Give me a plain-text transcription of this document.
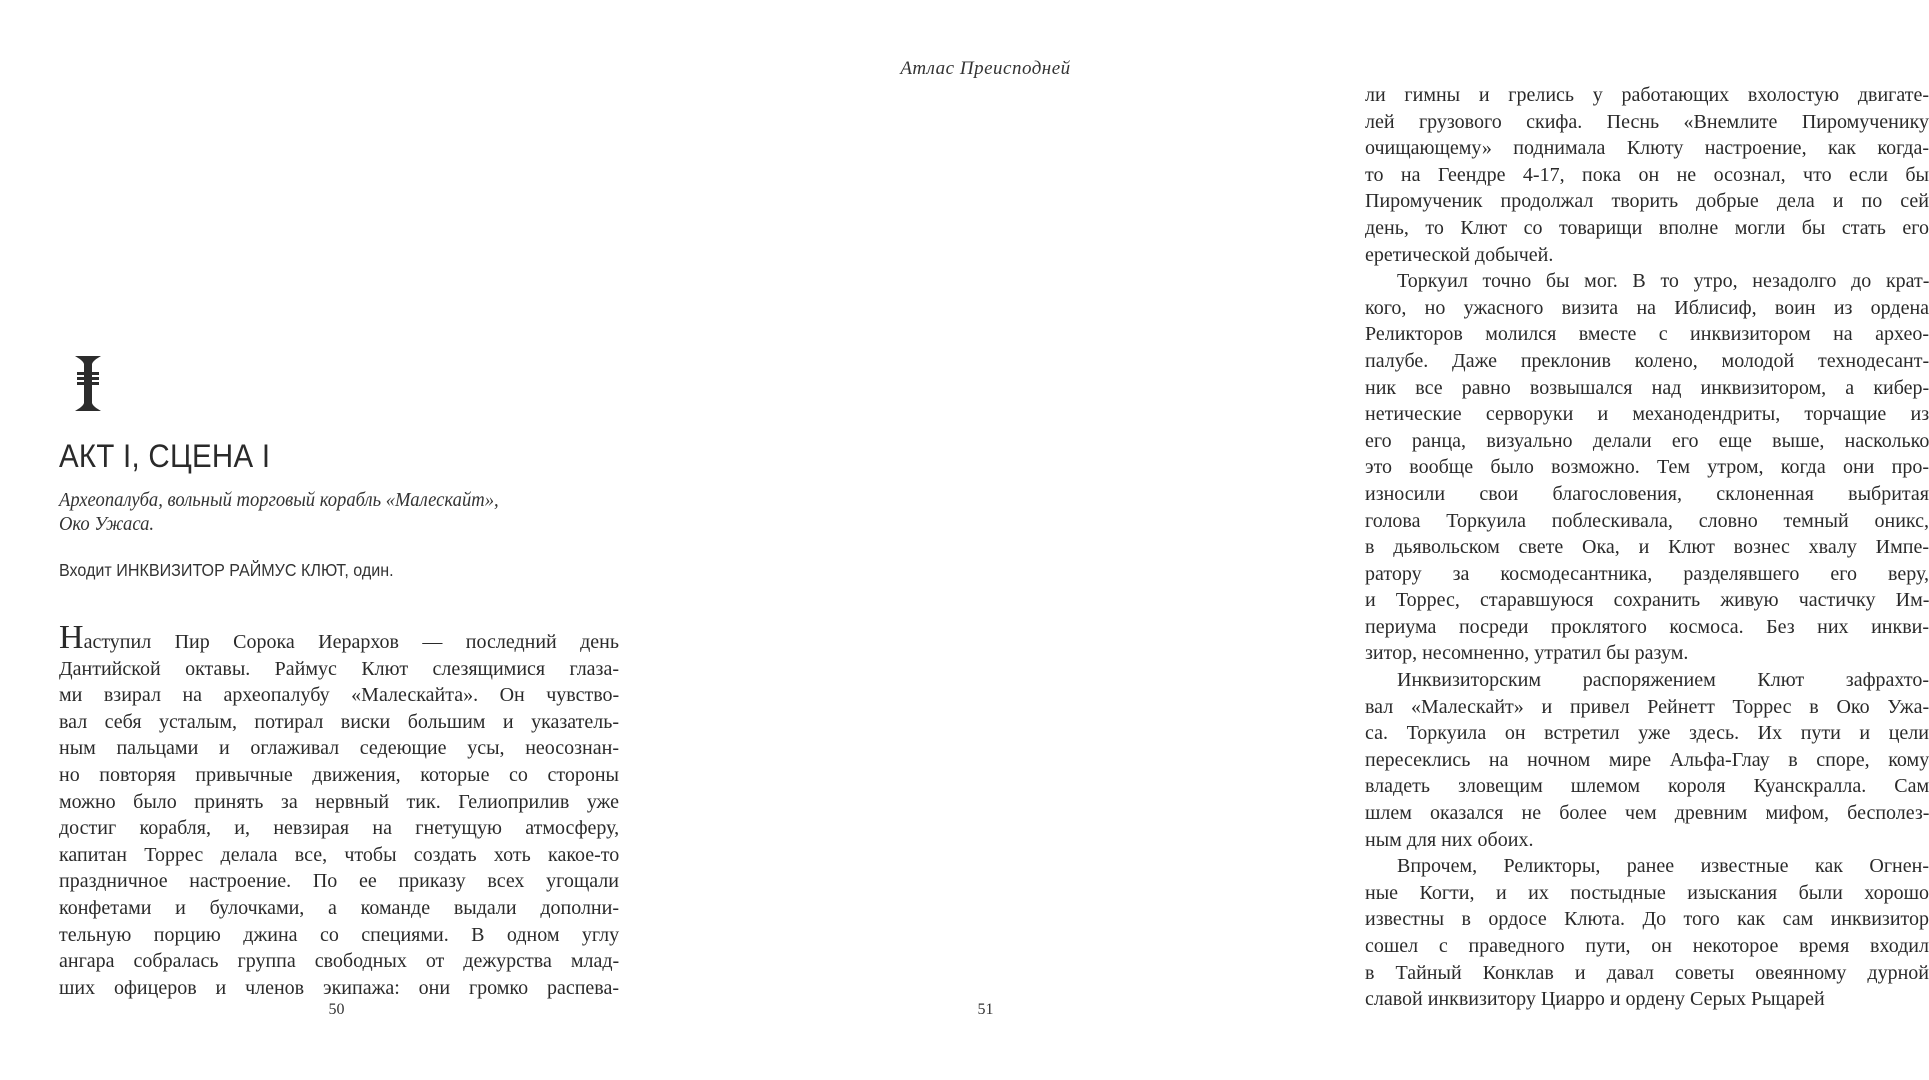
АКТ I, СЦЕНА I
Археопалуба, вольный торговый корабль «Малескайт»,
Око Ужаса.
Входит ИНКВИЗИТОР РАЙМУС КЛЮТ, один.
Наступил Пир Сорока Иерархов — последний день
Дантийской октавы. Раймус Клют слезящимися глаза-
ми взирал на археопалубу «Малескайта». Он чувство-
вал себя усталым, потирал виски большим и указатель-
ным пальцами и оглаживал седеющие усы, неосознан-
но повторяя привычные движения, которые со стороны
можно было принять за нервный тик. Гелиоприлив уже
достиг корабля, и, невзирая на гнетущую атмосферу,
капитан Торрес делала все, чтобы создать хоть какое-то
праздничное настроение. По ее приказу всех угощали
конфетами и булочками, а команде выдали дополни-
тельную порцию джина со специями. В одном углу
ангара собралась группа свободных от дежурства млад-
ших офицеров и членов экипажа: они громко распева-
50
Атлас Преисподней
ли гимны и грелись у работающих вхолостую двигате-
лей грузового скифа. Песнь «Внемлите Пиромученику
очищающему» поднимала Клюту настроение, как когда-
то на Геендре 4-17, пока он не осознал, что если бы
Пиромученик продолжал творить добрые дела и по сей
день, то Клют со товарищи вполне могли бы стать его
еретической добычей.
Торкуил точно бы мог. В то утро, незадолго до крат-
кого, но ужасного визита на Иблисиф, воин из ордена
Реликторов молился вместе с инквизитором на архео-
палубе. Даже преклонив колено, молодой технодесант-
ник все равно возвышался над инквизитором, а кибер-
нетические серворуки и механодендриты, торчащие из
его ранца, визуально делали его еще выше, насколько
это вообще было возможно. Тем утром, когда они про-
износили свои благословения, склоненная выбритая
голова Торкуила поблескивала, словно темный оникс,
в дьявольском свете Ока, и Клют вознес хвалу Импе-
ратору за космодесантника, разделявшего его веру,
и Торрес, старавшуюся сохранить живую частичку Им-
периума посреди проклятого космоса. Без них инкви-
зитор, несомненно, утратил бы разум.
Инквизиторским распоряжением Клют зафрахто-
вал «Малескайт» и привел Рейнетт Торрес в Око Ужа-
са. Торкуила он встретил уже здесь. Их пути и цели
пересеклись на ночном мире Альфа-Глау в споре, кому
владеть зловещим шлемом короля Куанскралла. Сам
шлем оказался не более чем древним мифом, бесполез-
ным для них обоих.
Впрочем, Реликторы, ранее известные как Огнен-
ные Когти, и их постыдные изыскания были хорошо
известны в ордосе Клюта. До того как сам инквизитор
сошел с праведного пути, он некоторое время входил
в Тайный Конклав и давал советы овеянному дурной
славой инквизитору Циарро и ордену Серых Рыцарей
51
